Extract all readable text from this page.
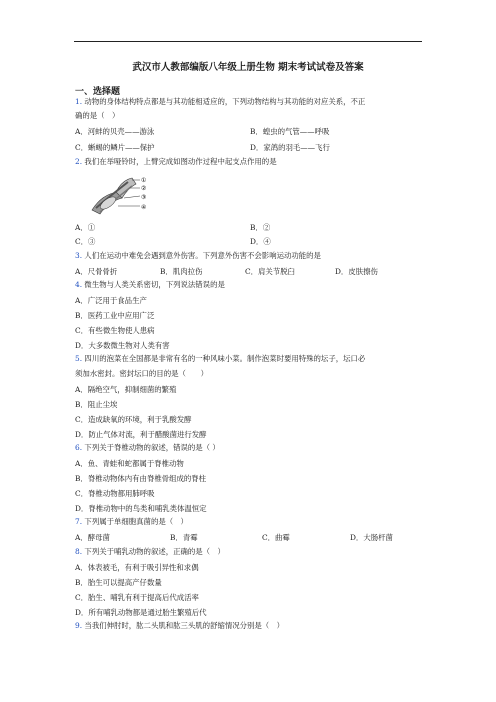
武汉市人教部编版八年级上册生物 期末考试试卷及答案
一、选择题
1. 动物的身体结构特点都是与其功能相适应的，下列动物结构与其功能的对应关系，不正
确的是（　）
A．河蚌的贝壳——游泳	B．蝗虫的气管——呼吸
C．蜥蜴的鳞片——保护	D．家鸽的羽毛——飞行
2. 我们在举哑铃时，上臂完成如图动作过程中起支点作用的是
①
②
③
④
A．①	B．②
C．③	D．④
3. 人们在运动中难免会遇到意外伤害。下列意外伤害不会影响运动功能的是
A．尺骨骨折	B．肌肉拉伤	C．肩关节脱臼	D．皮肤擦伤
4. 微生物与人类关系密切，下列说法错误的是
A．广泛用于食品生产
B．医药工业中应用广泛
C．有些微生物使人患病
D．大多数微生物对人类有害
5. 四川的泡菜在全国都是非常有名的一种风味小菜。制作泡菜时要用特殊的坛子，坛口必
须加水密封。密封坛口的目的是（　　）
A．隔绝空气，抑制细菌的繁殖
B．阻止尘埃
C．造成缺氧的环境，利于乳酸发酵
D．防止气体对流，利于醋酸菌进行发酵
6. 下列关于脊椎动物的叙述，错误的是（ ）
A．鱼、青蛙和蛇都属于脊椎动物
B．脊椎动物体内有由脊椎骨组成的脊柱
C．脊椎动物都用肺呼吸
D．脊椎动物中的鸟类和哺乳类体温恒定
7. 下列属于单细胞真菌的是（　）
A．酵母菌	B．青霉	C．曲霉	D．大肠杆菌
8. 下列关于哺乳动物的叙述，正确的是（　）
A．体表被毛，有利于吸引异性和求偶
B．胎生可以提高产仔数量
C．胎生、哺乳有利于提高后代成活率
D．所有哺乳动物都是通过胎生繁殖后代
9. 当我们伸肘时，肱二头肌和肱三头肌的舒缩情况分别是（　）
